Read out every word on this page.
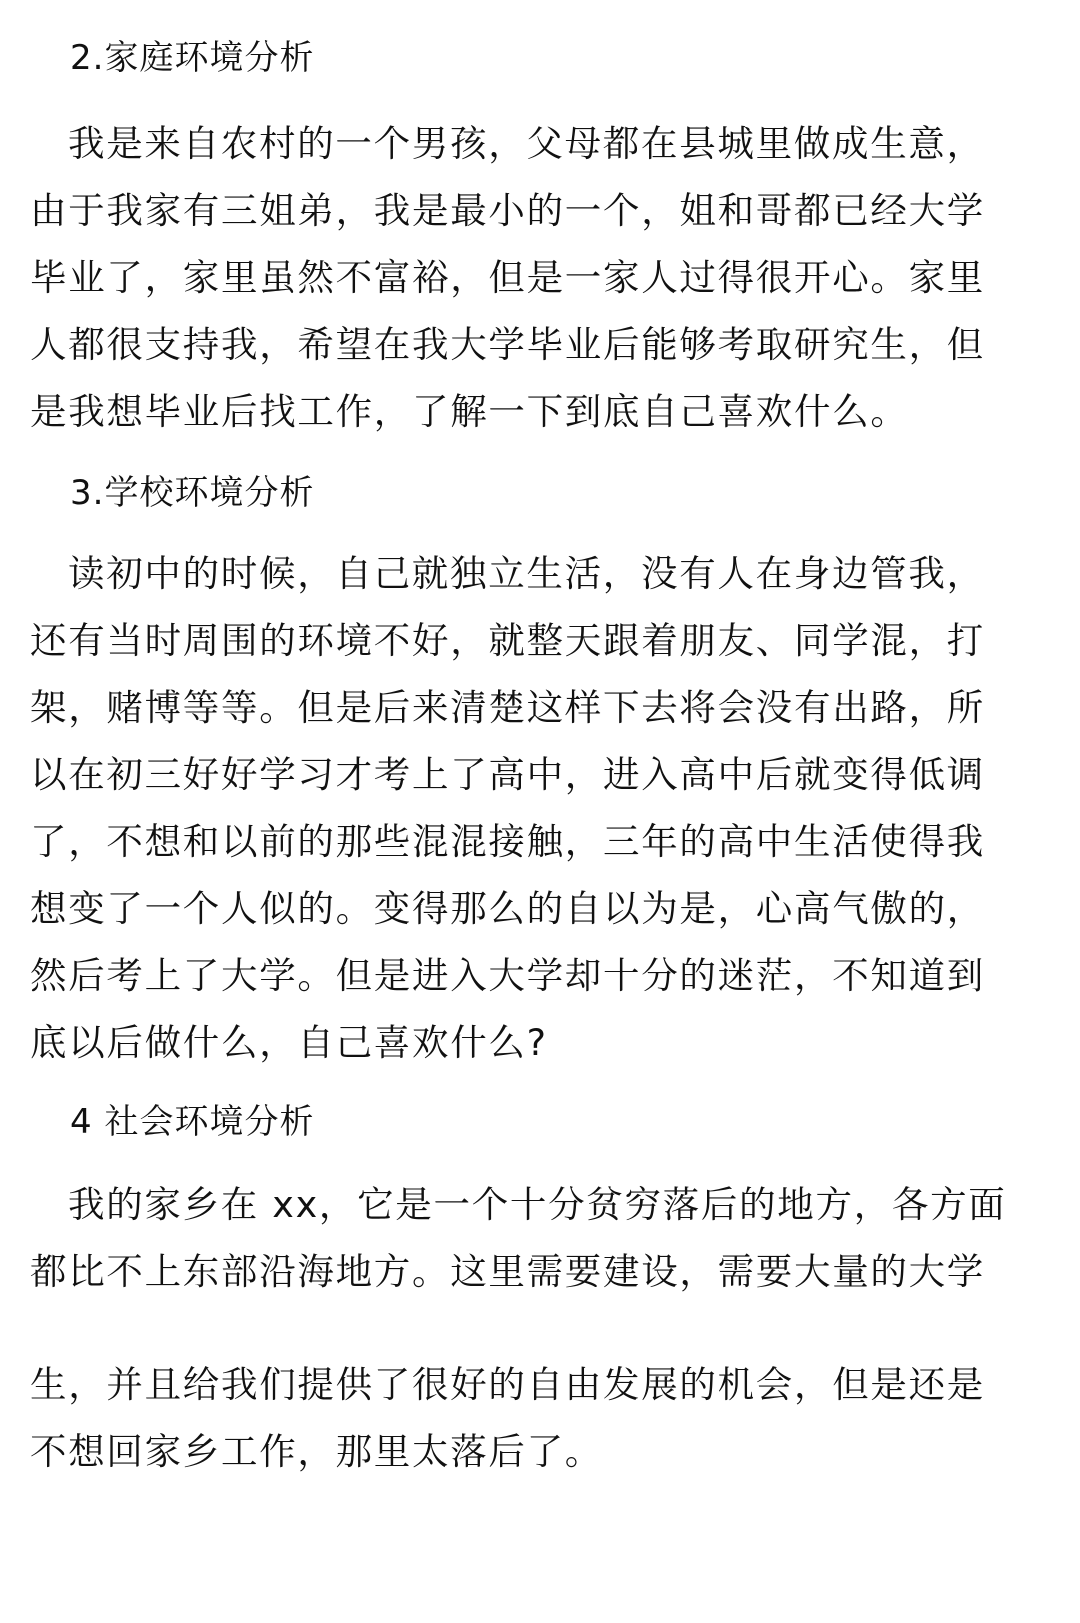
2.家庭环境分析
我是来自农村的一个男孩，父母都在县城里做成生意，
由于我家有三姐弟，我是最小的一个，姐和哥都已经大学
毕业了，家里虽然不富裕，但是一家人过得很开心。家里
人都很支持我，希望在我大学毕业后能够考取研究生，但
是我想毕业后找工作，了解一下到底自己喜欢什么。
3.学校环境分析
读初中的时候，自己就独立生活，没有人在身边管我，
还有当时周围的环境不好，就整天跟着朋友、同学混，打
架，赌博等等。但是后来清楚这样下去将会没有出路，所
以在初三好好学习才考上了高中，进入高中后就变得低调
了，不想和以前的那些混混接触，三年的高中生活使得我
想变了一个人似的。变得那么的自以为是，心高气傲的，
然后考上了大学。但是进入大学却十分的迷茫，不知道到
底以后做什么，自己喜欢什么?
4 社会环境分析
我的家乡在 xx，它是一个十分贫穷落后的地方，各方面
都比不上东部沿海地方。这里需要建设，需要大量的大学
生，并且给我们提供了很好的自由发展的机会，但是还是
不想回家乡工作，那里太落后了。
